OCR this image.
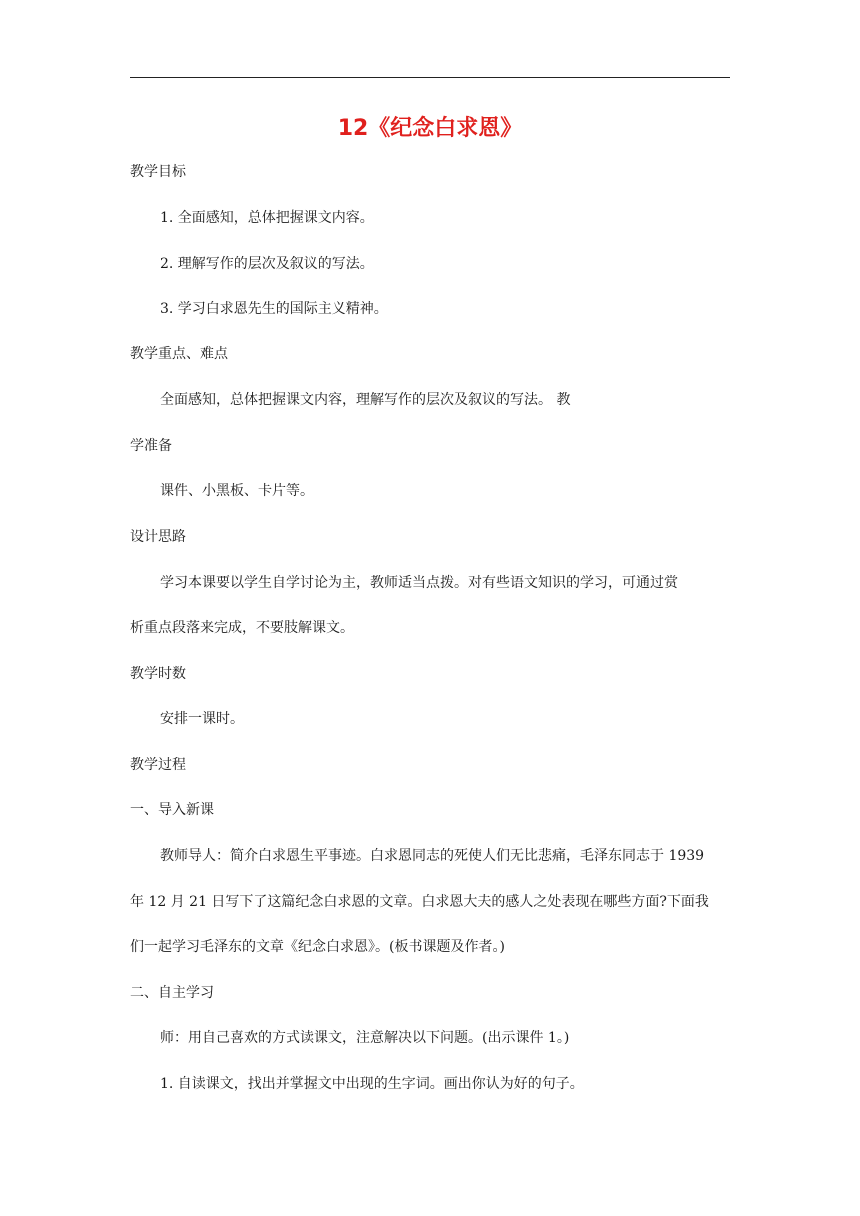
12《纪念白求恩》
教学目标
1. 全面感知，总体把握课文内容。
2. 理解写作的层次及叙议的写法。
3. 学习白求恩先生的国际主义精神。
教学重点、难点
全面感知，总体把握课文内容，理解写作的层次及叙议的写法。 教
学准备
课件、小黑板、卡片等。
设计思路
学习本课要以学生自学讨论为主，教师适当点拨。对有些语文知识的学习，可通过赏
析重点段落来完成，不要肢解课文。
教学时数
安排一课时。
教学过程
一、导入新课
教师导人：简介白求恩生平事迹。白求恩同志的死使人们无比悲痛，毛泽东同志于 1939
年 12 月 21 日写下了这篇纪念白求恩的文章。白求恩大夫的感人之处表现在哪些方面?下面我
们一起学习毛泽东的文章《纪念白求恩》。(板书课题及作者。)
二、自主学习
师：用自己喜欢的方式读课文，注意解决以下问题。(出示课件 1。)
1. 自读课文，找出并掌握文中出现的生字词。画出你认为好的句子。
